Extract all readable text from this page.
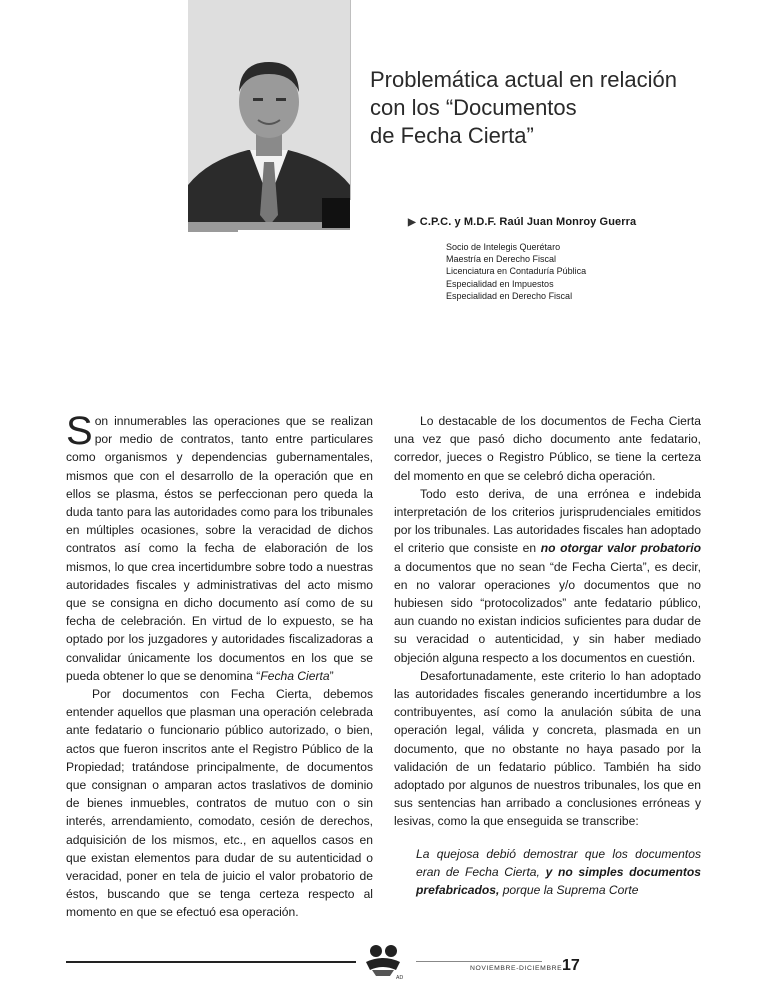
Problemática actual en relación
con los “Documentos
de Fecha Cierta”
▶ C.P.C. y M.D.F. Raúl Juan Monroy Guerra
Socio de Intelegis Querétaro
Maestría en Derecho Fiscal
Licenciatura en Contaduría Pública
Especialidad en Impuestos
Especialidad en Derecho Fiscal

Son innumerables las operaciones que se realizan por medio de contratos, tanto entre particulares como organismos y dependencias gubernamentales, mismos que con el desarrollo de la operación que en ellos se plasma, éstos se perfeccionan pero queda la duda tanto para las autoridades como para los tribunales en múltiples ocasiones, sobre la veracidad de dichos contratos así como la fecha de elaboración de los mismos, lo que crea incertidumbre sobre todo a nuestras autoridades fiscales y administrativas del acto mismo que se consigna en dicho documento así como de su fecha de celebración. En virtud de lo expuesto, se ha optado por los juzgadores y autoridades fiscalizadoras a convalidar únicamente los documentos en los que se pueda obtener lo que se denomina “Fecha Cierta”

Por documentos con Fecha Cierta, debemos entender aquellos que plasman una operación celebrada ante fedatario o funcionario público autorizado, o bien, actos que fueron inscritos ante el Registro Público de la Propiedad; tratándose principalmente, de documentos que consignan o amparan actos traslativos de dominio de bienes inmuebles, contratos de mutuo con o sin interés, arrendamiento, comodato, cesión de derechos, adquisición de los mismos, etc., en aquellos casos en que existan elementos para dudar de su autenticidad o veracidad, poner en tela de juicio el valor probatorio de éstos, buscando que se tenga certeza respecto al momento en que se efectuó esa operación.

Lo destacable de los documentos de Fecha Cierta una vez que pasó dicho documento ante fedatario, corredor, jueces o Registro Público, se tiene la certeza del momento en que se celebró dicha operación.

Todo esto deriva, de una errónea e indebida interpretación de los criterios jurisprudenciales emitidos por los tribunales. Las autoridades fiscales han adoptado el criterio que consiste en no otorgar valor probatorio a documentos que no sean “de Fecha Cierta”, es decir, en no valorar operaciones y/o documentos que no hubiesen sido “protocolizados” ante fedatario público, aun cuando no existan indicios suficientes para dudar de su veracidad o autenticidad, y sin haber mediado objeción alguna respecto a los documentos en cuestión.

Desafortunadamente, este criterio lo han adoptado las autoridades fiscales generando incertidumbre a los contribuyentes, así como la anulación súbita de una operación legal, válida y concreta, plasmada en un documento, que no obstante no haya pasado por la validación de un fedatario público. También ha sido adoptado por algunos de nuestros tribunales, los que en sus sentencias han arribado a conclusiones erróneas y lesivas, como la que enseguida se transcribe:

La quejosa debió demostrar que los documentos eran de Fecha Cierta, y no simples documentos prefabricados, porque la Suprema Corte

AD
NOVIEMBRE-DICIEMBRE 17
